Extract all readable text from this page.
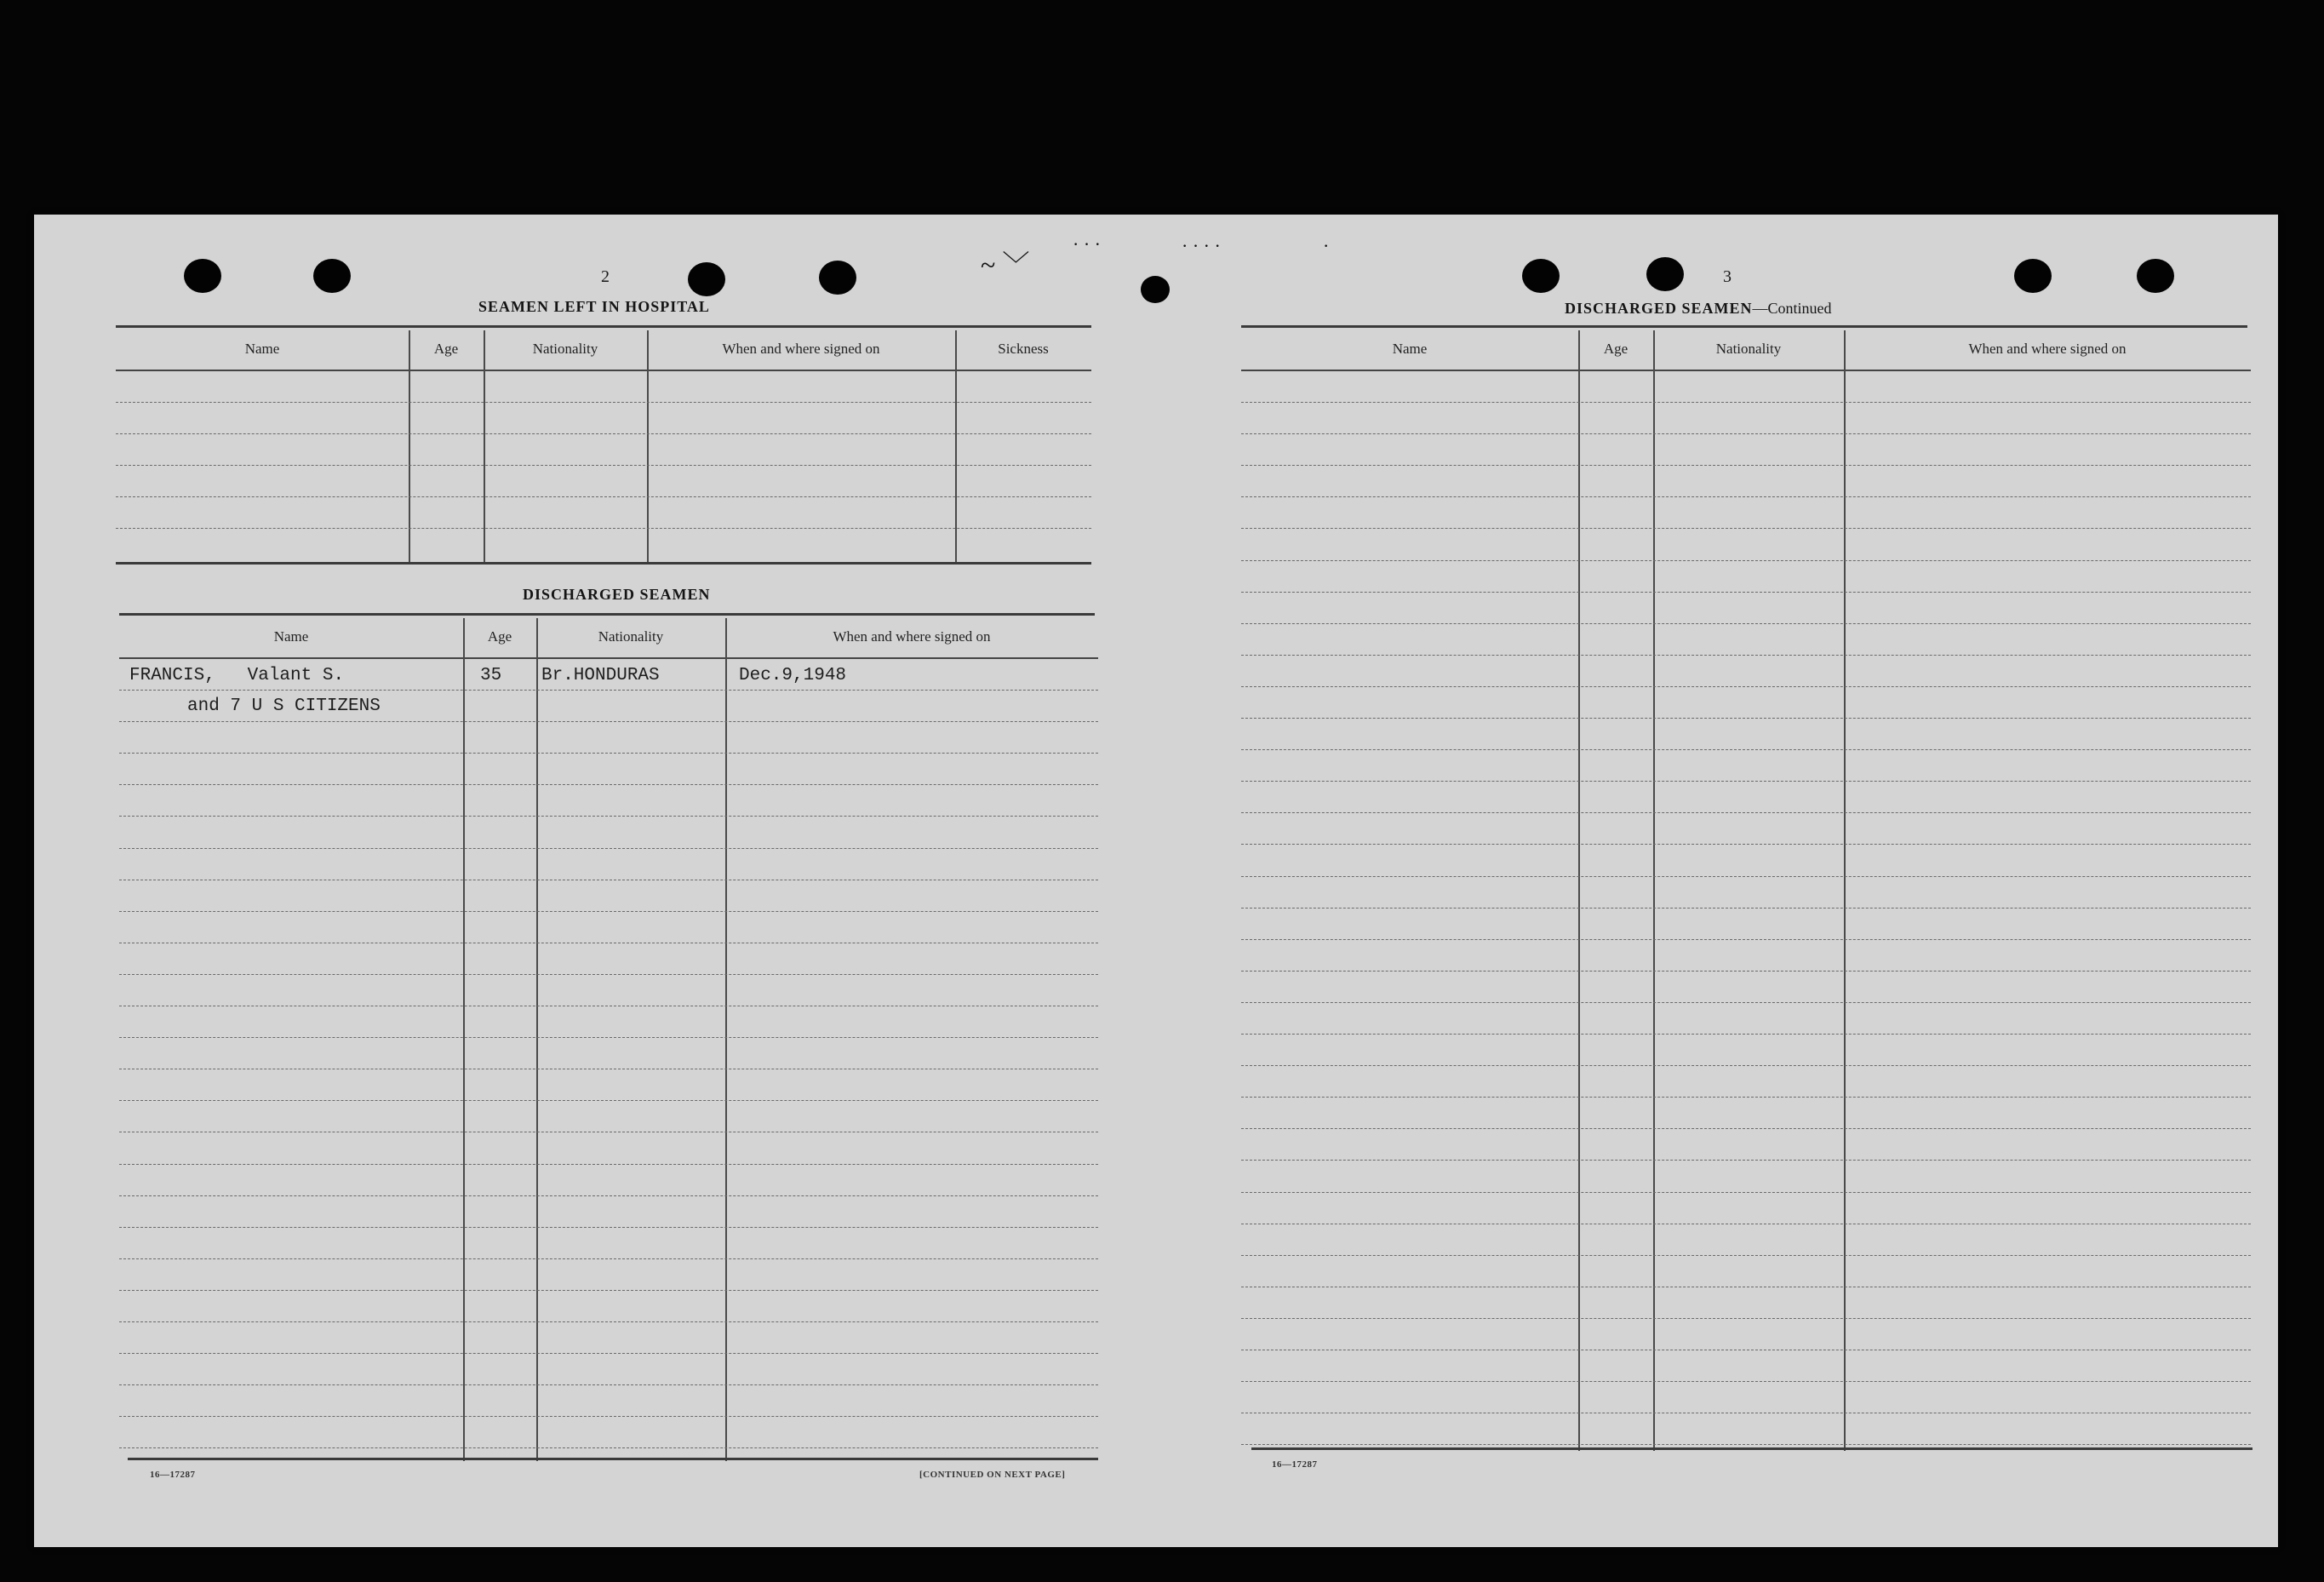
~ ﹀
· · ·	· · · ·	·
2
SEAMEN LEFT IN HOSPITAL
Name	Age	Nationality	When and where signed on	Sickness
DISCHARGED SEAMEN
Name	Age	Nationality	When and where signed on
FRANCIS,   Valant S.	35 Br.HONDURAS	Dec.9,1948
and 7 U S CITIZENS
16—17287	[CONTINUED ON NEXT PAGE]
3
DISCHARGED SEAMEN—Continued
Name	Age	Nationality	When and where signed on
16—17287
